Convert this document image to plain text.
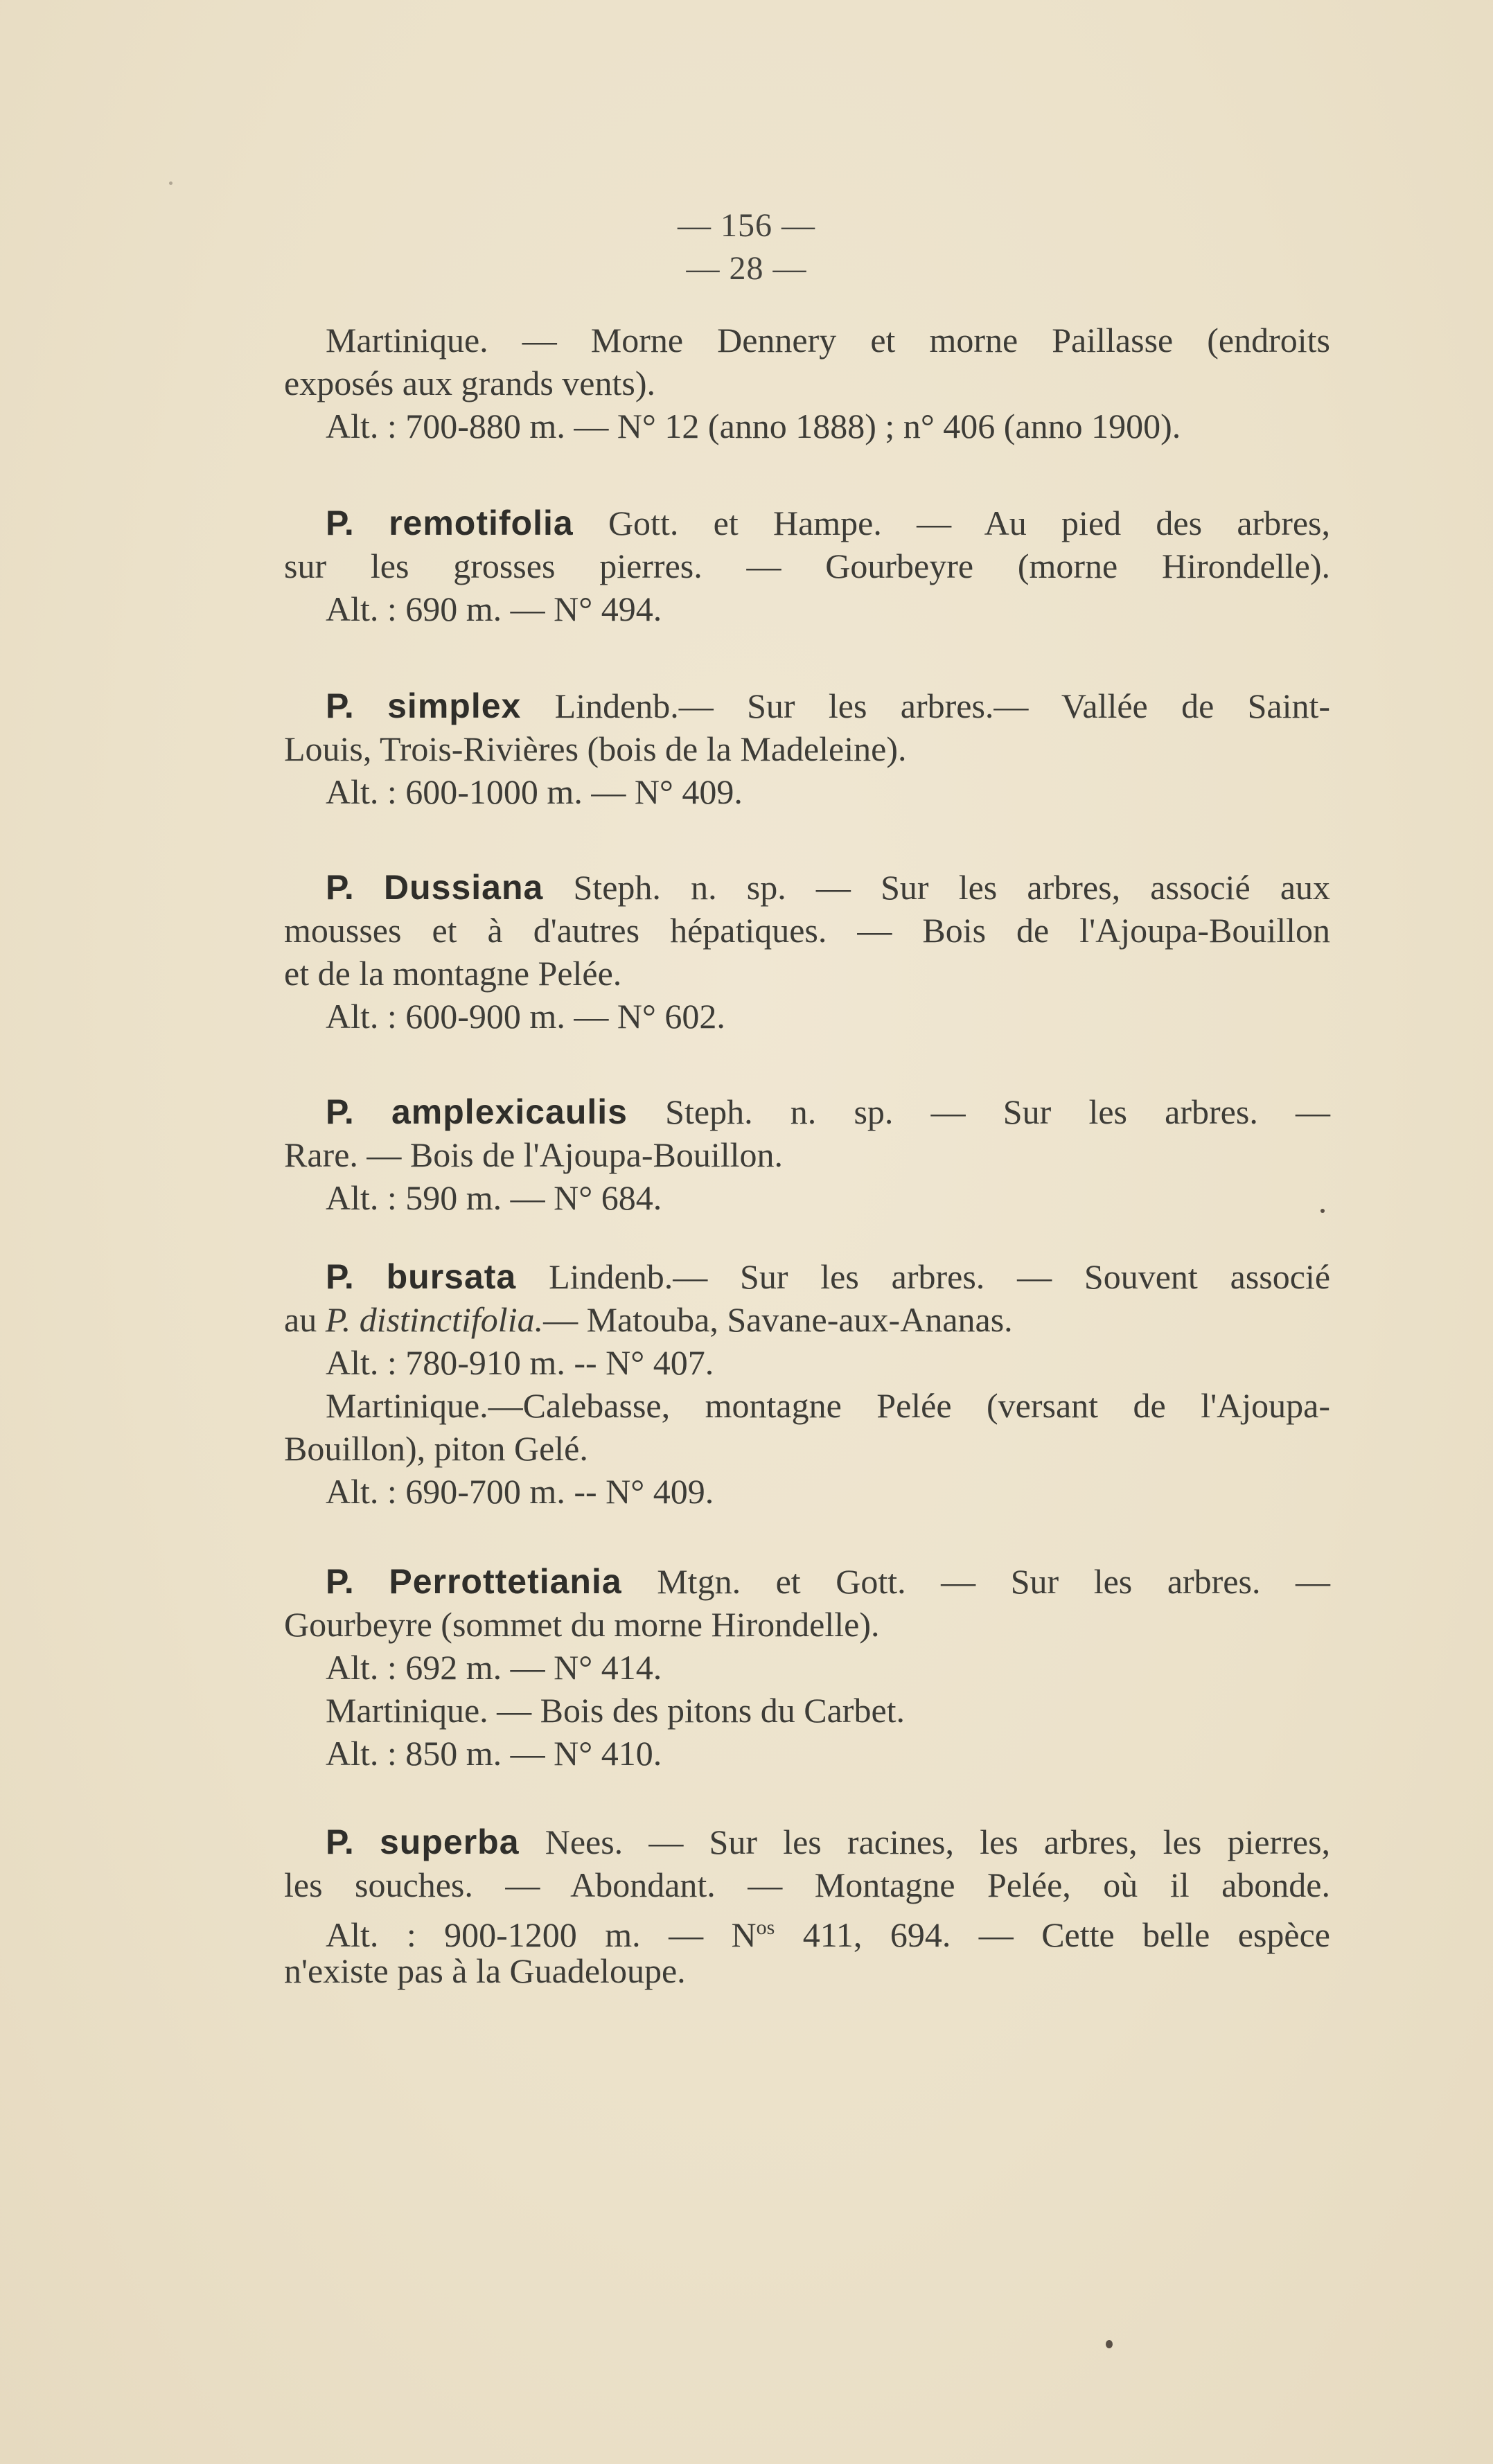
— 156 —
— 28 —
Martinique. — Morne Dennery et morne Paillasse (endroits
exposés aux grands vents).
Alt. : 700-880 m. — N° 12 (anno 1888) ; n° 406 (anno 1900).
P. remotifolia Gott. et Hampe. — Au pied des arbres,
sur les grosses pierres. — Gourbeyre (morne Hirondelle).
Alt. : 690 m. — N° 494.
P. simplex Lindenb.— Sur les arbres.— Vallée de Saint-
Louis, Trois-Rivières (bois de la Madeleine).
Alt. : 600-1000 m. — N° 409.
P. Dussiana Steph. n. sp. — Sur les arbres, associé aux
mousses et à d'autres hépatiques. — Bois de l'Ajoupa-Bouillon
et de la montagne Pelée.
Alt. : 600-900 m. — N° 602.
P. amplexicaulis Steph. n. sp. — Sur les arbres. —
Rare. — Bois de l'Ajoupa-Bouillon.
Alt. : 590 m. — N° 684.
P. bursata Lindenb.— Sur les arbres. — Souvent associé
au P. distinctifolia.— Matouba, Savane-aux-Ananas.
Alt. : 780-910 m. -- N° 407.
Martinique.—Calebasse, montagne Pelée (versant de l'Ajoupa-
Bouillon), piton Gelé.
Alt. : 690-700 m. -- N° 409.
P. Perrottetiania Mtgn. et Gott. — Sur les arbres. —
Gourbeyre (sommet du morne Hirondelle).
Alt. : 692 m. — N° 414.
Martinique. — Bois des pitons du Carbet.
Alt. : 850 m. — N° 410.
P. superba Nees. — Sur les racines, les arbres, les pierres,
les souches. — Abondant. — Montagne Pelée, où il abonde.
Alt. : 900-1200 m. — $N^{os}$ 411, 694. — Cette belle espèce
n'existe pas à la Guadeloupe.
